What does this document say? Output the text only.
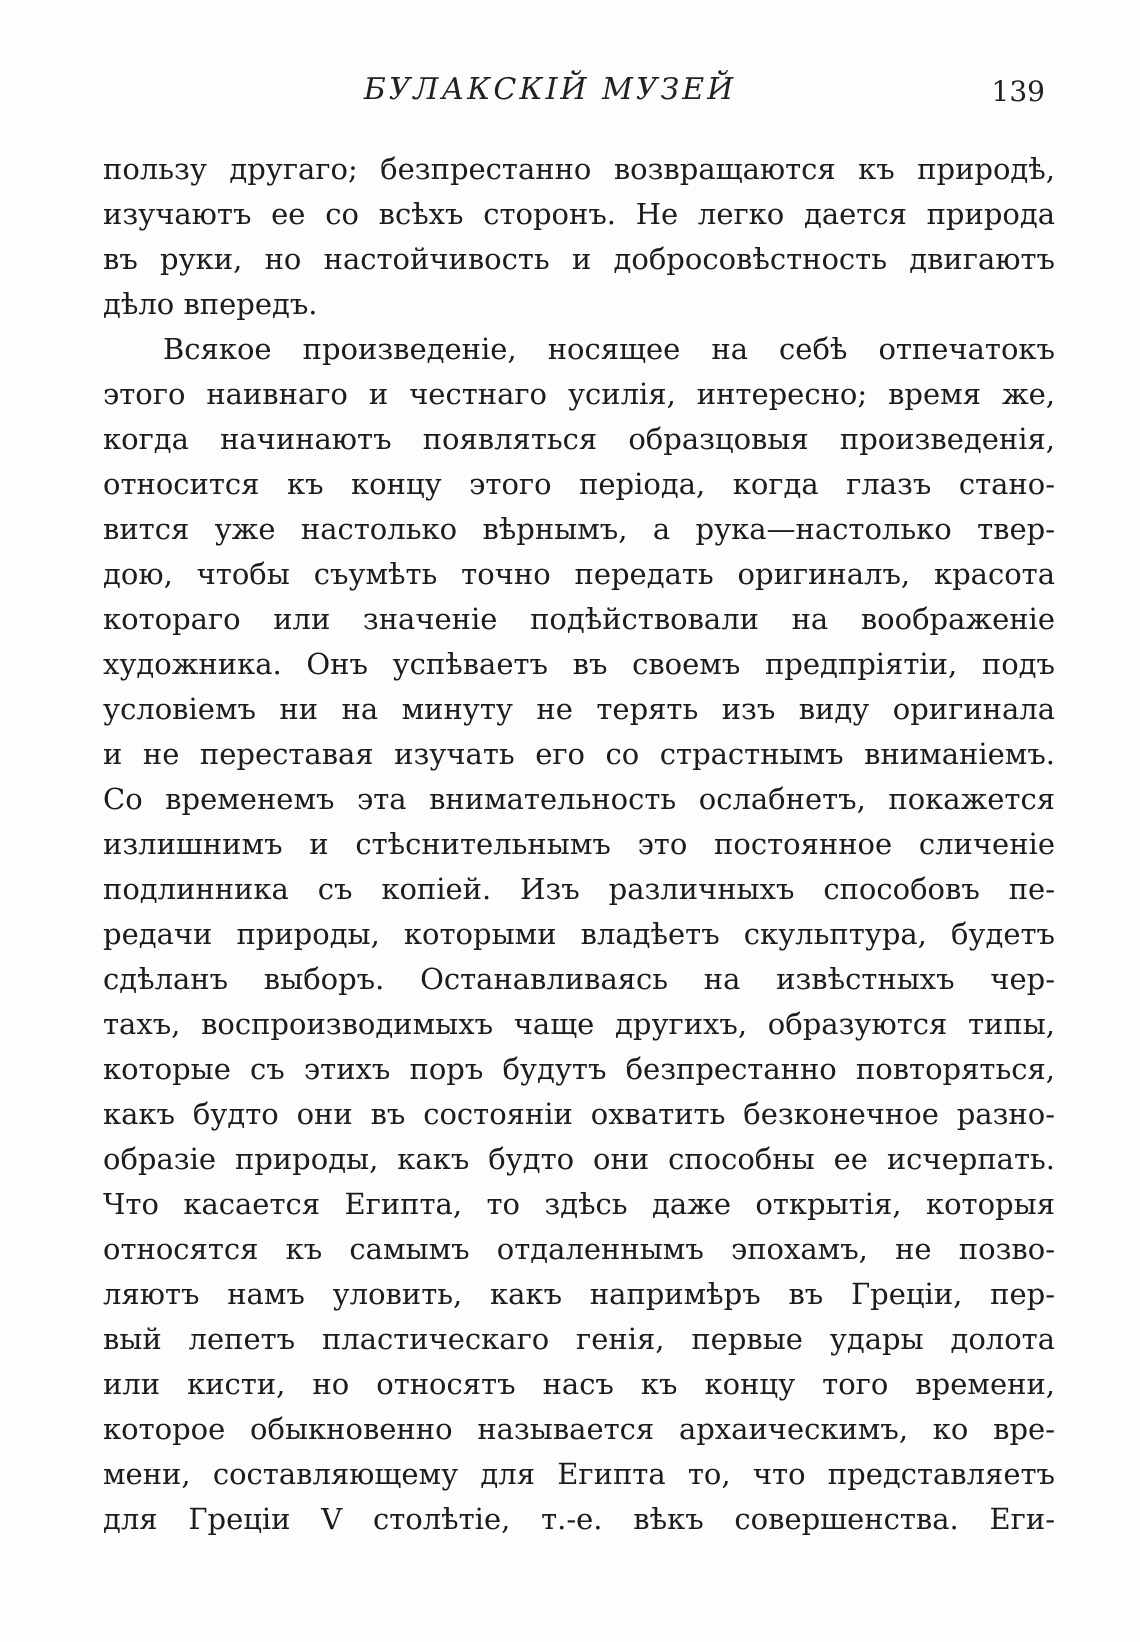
БУЛАКСКІЙ МУЗЕЙ	139
пользу другаго; безпрестанно возвращаются къ природѣ,
изучаютъ ее со всѣхъ сторонъ. Не легко дается природа
въ руки, но настойчивость и добросовѣстность двигаютъ
дѣло впередъ.
Всякое произведеніе, носящее на себѣ отпечатокъ
этого наивнаго и честнаго усилія, интересно; время же,
когда начинаютъ появляться образцовыя произведенія,
относится къ концу этого періода, когда глазъ стано-
вится уже настолько вѣрнымъ, а рука—настолько твер-
дою, чтобы съумѣть точно передать оригиналъ, красота
котораго или значеніе подѣйствовали на воображеніе
художника. Онъ успѣваетъ въ своемъ предпріятіи, подъ
условіемъ ни на минуту не терять изъ виду оригинала
и не переставая изучать его со страстнымъ вниманіемъ.
Со временемъ эта внимательность ослабнетъ, покажется
излишнимъ и стѣснительнымъ это постоянное сличеніе
подлинника съ копіей. Изъ различныхъ способовъ пе-
редачи природы, которыми владѣетъ скульптура, будетъ
сдѣланъ выборъ. Останавливаясь на извѣстныхъ чер-
тахъ, воспроизводимыхъ чаще другихъ, образуются типы,
которые съ этихъ поръ будутъ безпрестанно повторяться,
какъ будто они въ состояніи охватить безконечное разно-
образіе природы, какъ будто они способны ее исчерпать.
Что касается Египта, то здѣсь даже открытія, которыя
относятся къ самымъ отдаленнымъ эпохамъ, не позво-
ляютъ намъ уловить, какъ напримѣръ въ Греціи, пер-
вый лепетъ пластическаго генія, первые удары долота
или кисти, но относятъ насъ къ концу того времени,
которое обыкновенно называется архаическимъ, ко вре-
мени, составляющему для Египта то, что представляетъ
для Греціи V столѣтіе, т.-е. вѣкъ совершенства. Еги-
